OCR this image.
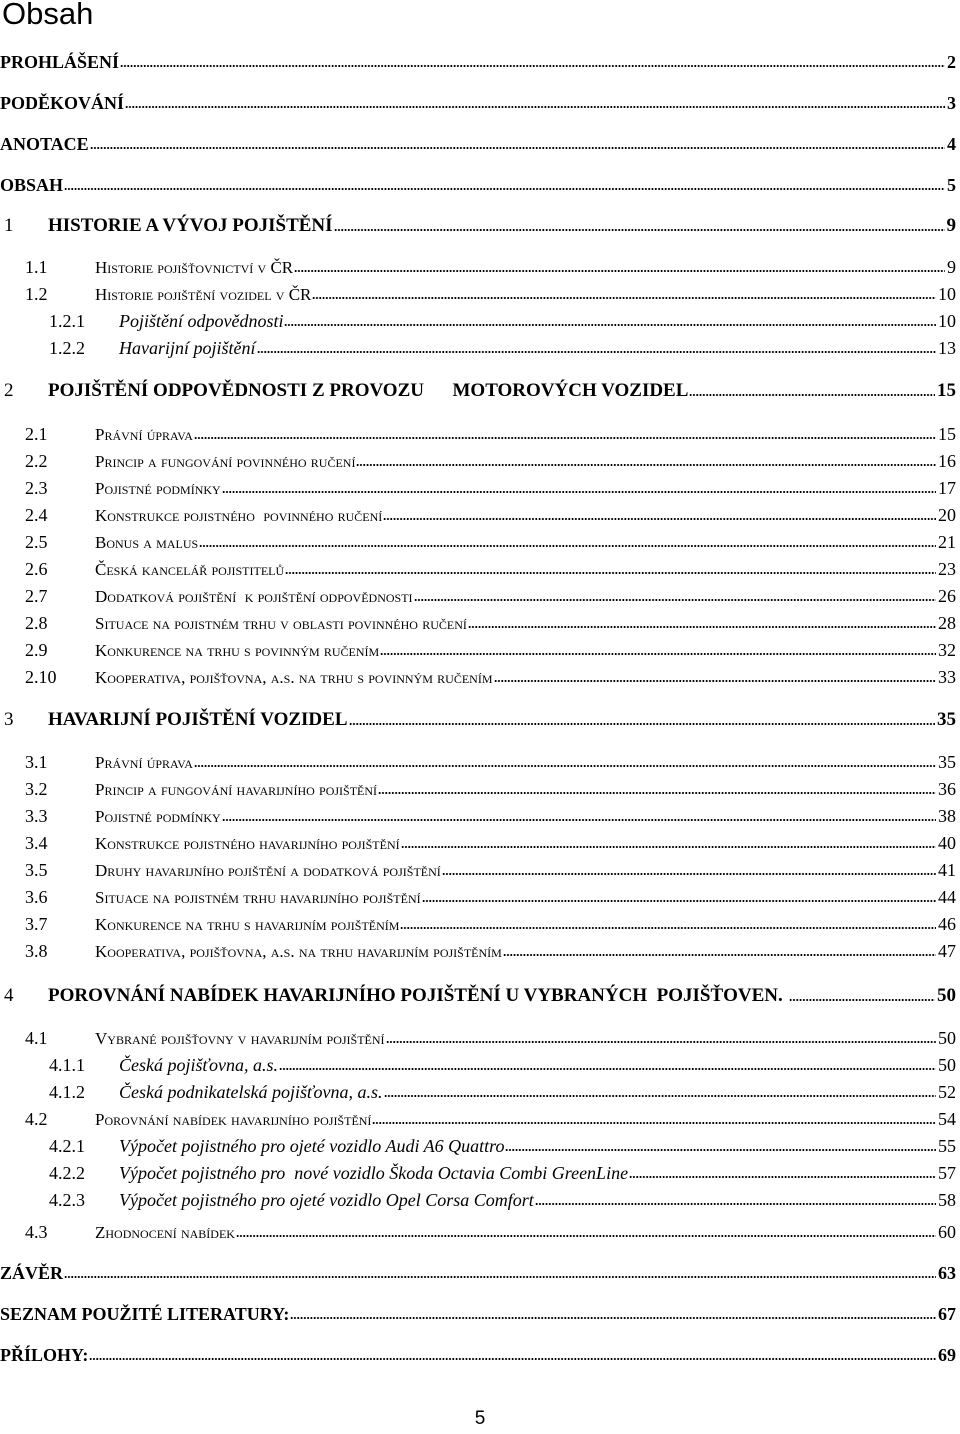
Obsah
PROHLÁŠENÍ	2
PODĚKOVÁNÍ	3
ANOTACE	4
OBSAH	5
1	HISTORIE A VÝVOJ POJIŠTĚNÍ	9
1.1	Historie pojišťovnictví v ČR	9
1.2	Historie pojištění vozidel v ČR	10
1.2.1	Pojištění odpovědnosti	10
1.2.2	Havarijní pojištění	13
2	POJIŠTĚNÍ ODPOVĚDNOSTI Z PROVOZU      MOTOROVÝCH VOZIDEL	15
2.1	Právní úprava	15
2.2	Princip a fungování povinného ručení	16
2.3	Pojistné podmínky	17
2.4	Konstrukce pojistného  povinného ručení	20
2.5	Bonus a malus	21
2.6	Česká kancelář pojistitelů	23
2.7	Dodatková pojištění  k pojištění odpovědnosti	26
2.8	Situace na pojistném trhu v oblasti povinného ručení	28
2.9	Konkurence na trhu s povinným ručením	32
2.10	Kooperativa, pojišťovna, a.s. na trhu s povinným ručením	33
3	HAVARIJNÍ POJIŠTĚNÍ VOZIDEL	35
3.1	Právní úprava	35
3.2	Princip a fungování havarijního pojištění	36
3.3	Pojistné podmínky	38
3.4	Konstrukce pojistného havarijního pojištění	40
3.5	Druhy havarijního pojištění a dodatková pojištění	41
3.6	Situace na pojistném trhu havarijního pojištění	44
3.7	Konkurence na trhu s havarijním pojištěním	46
3.8	Kooperativa, pojišťovna, a.s. na trhu havarijním pojištěním	47
4	POROVNÁNÍ NABÍDEK HAVARIJNÍHO POJIŠTĚNÍ U VYBRANÝCH  POJIŠŤOVEN.	50
4.1	Vybrané pojišťovny v havarijním pojištění	50
4.1.1	Česká pojišťovna, a.s.	50
4.1.2	Česká podnikatelská pojišťovna, a.s.	52
4.2	Porovnání nabídek havarijního pojištění	54
4.2.1	Výpočet pojistného pro ojeté vozidlo Audi A6 Quattro	55
4.2.2	Výpočet pojistného pro  nové vozidlo Škoda Octavia Combi GreenLine	57
4.2.3	Výpočet pojistného pro ojeté vozidlo Opel Corsa Comfort	58
4.3	Zhodnocení nabídek	60
ZÁVĚR	63
SEZNAM POUŽITÉ LITERATURY:	67
PŘÍLOHY:	69
5
